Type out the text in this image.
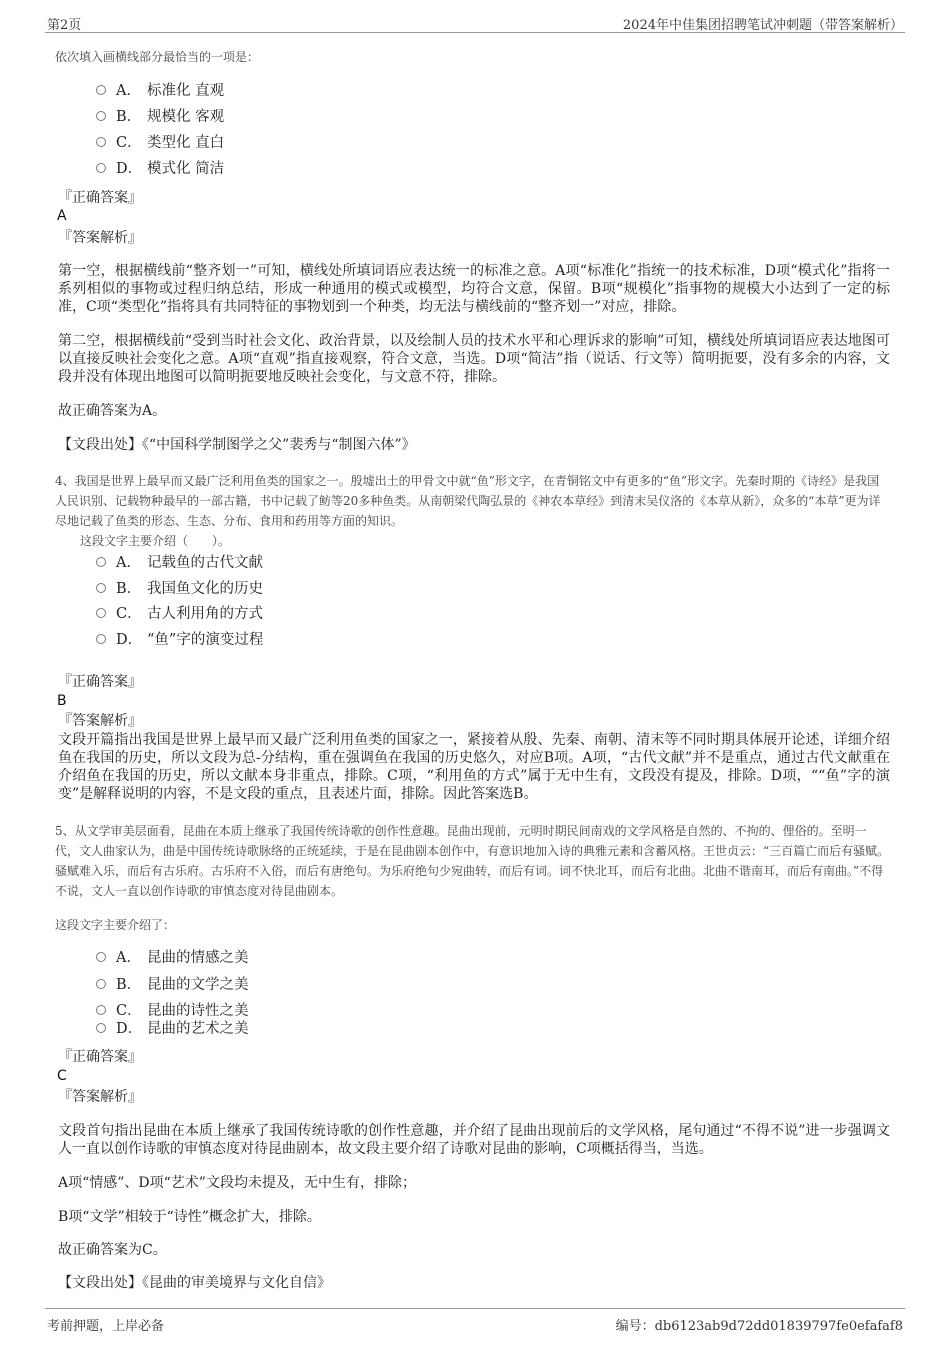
第2页	2024年中佳集团招聘笔试冲刺题（带答案解析）
依次填入画横线部分最恰当的一项是：
A． 标准化 直观
B． 规模化 客观
C． 类型化 直白
D． 模式化 简洁
『正确答案』
A
『答案解析』
第一空，根据横线前“整齐划一”可知，横线处所填词语应表达统一的标准之意。A项“标准化”指统一的技术标准，D项“模式化”指将一系列相似的事物或过程归纳总结，形成一种通用的模式或模型，均符合文意，保留。B项“规模化”指事物的规模大小达到了一定的标准，C项“类型化”指将具有共同特征的事物划到一个种类，均无法与横线前的“整齐划一”对应，排除。
第二空，根据横线前“受到当时社会文化、政治背景，以及绘制人员的技术水平和心理诉求的影响”可知，横线处所填词语应表达地图可以直接反映社会变化之意。A项“直观”指直接观察，符合文意，当选。D项“简洁”指（说话、行文等）简明扼要，没有多余的内容，文段并没有体现出地图可以简明扼要地反映社会变化，与文意不符，排除。
故正确答案为A。
【文段出处】《“中国科学制图学之父”裴秀与“制图六体”》
4、我国是世界上最早而又最广泛利用鱼类的国家之一。殷墟出土的甲骨文中就“鱼”形文字，在青铜铭文中有更多的“鱼”形文字。先秦时期的《诗经》是我国人民识别、记载物种最早的一部古籍，书中记载了鲂等20多种鱼类。从南朝梁代陶弘景的《神农本草经》到清末吴仪洛的《本草从新》，众多的“本草”更为详尽地记载了鱼类的形态、生态、分布、食用和药用等方面的知识。
这段文字主要介绍（　　）。
A． 记载鱼的古代文献
B． 我国鱼文化的历史
C． 古人利用角的方式
D． “鱼”字的演变过程
『正确答案』
B
『答案解析』
文段开篇指出我国是世界上最早而又最广泛利用鱼类的国家之一，紧接着从殷、先秦、南朝、清末等不同时期具体展开论述，详细介绍鱼在我国的历史，所以文段为总-分结构，重在强调鱼在我国的历史悠久，对应B项。A项，“古代文献”并不是重点，通过古代文献重在介绍鱼在我国的历史，所以文献本身非重点，排除。C项，“利用鱼的方式”属于无中生有，文段没有提及，排除。D项，““鱼”字的演变”是解释说明的内容，不是文段的重点，且表述片面，排除。因此答案选B。
5、从文学审美层面看，昆曲在本质上继承了我国传统诗歌的创作性意趣。昆曲出现前，元明时期民间南戏的文学风格是自然的、不拘的、俚俗的。至明一代，文人曲家认为，曲是中国传统诗歌脉络的正统延续，于是在昆曲剧本创作中，有意识地加入诗的典雅元素和含蓄风格。王世贞云：“三百篇亡而后有骚赋。骚赋难入乐，而后有古乐府。古乐府不入俗，而后有唐绝句。为乐府绝句少宛曲转，而后有词。词不快北耳，而后有北曲。北曲不谐南耳，而后有南曲。”不得不说，文人一直以创作诗歌的审慎态度对待昆曲剧本。
这段文字主要介绍了：
A． 昆曲的情感之美
B． 昆曲的文学之美
C． 昆曲的诗性之美
D． 昆曲的艺术之美
『正确答案』
C
『答案解析』
文段首句指出昆曲在本质上继承了我国传统诗歌的创作性意趣，并介绍了昆曲出现前后的文学风格，尾句通过“不得不说”进一步强调文人一直以创作诗歌的审慎态度对待昆曲剧本，故文段主要介绍了诗歌对昆曲的影响，C项概括得当，当选。
A项“情感”、D项“艺术”文段均未提及，无中生有，排除；
B项“文学”相较于“诗性”概念扩大，排除。
故正确答案为C。
【文段出处】《昆曲的审美境界与文化自信》
考前押题，上岸必备	编号：db6123ab9d72dd01839797fe0efafaf8
